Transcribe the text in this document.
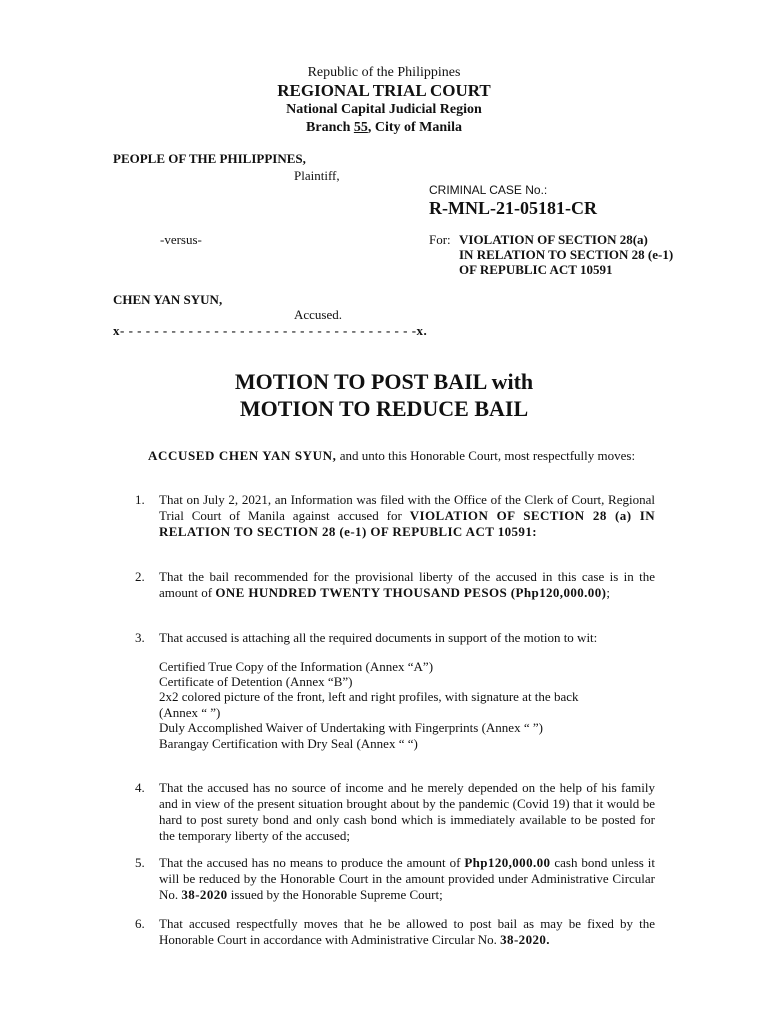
Republic of the Philippines
REGIONAL TRIAL COURT
National Capital Judicial Region
Branch 55, City of Manila
PEOPLE OF THE PHILIPPINES,
Plaintiff,
CRIMINAL CASE No.:
R-MNL-21-05181-CR
-versus-	For: VIOLATION OF SECTION 28(a)
IN RELATION TO SECTION 28 (e-1)
OF REPUBLIC ACT 10591
CHEN YAN SYUN,
Accused.
x- - - - - - - - - - - - - - - - - - - - - - - - - - - - - - - - - - -x.
MOTION TO POST BAIL with
MOTION TO REDUCE BAIL
ACCUSED CHEN YAN SYUN, and unto this Honorable Court, most respectfully moves:
1.	That on July 2, 2021, an Information was filed with the Office of the Clerk of Court, Regional Trial Court of Manila against accused for VIOLATION OF SECTION 28 (a) IN RELATION TO SECTION 28 (e-1) OF REPUBLIC ACT 10591:
2.	That the bail recommended for the provisional liberty of the accused in this case is in the amount of ONE HUNDRED TWENTY THOUSAND PESOS (Php120,000.00);
3.	That accused is attaching all the required documents in support of the motion to wit:
Certified True Copy of the Information (Annex “A”)
Certificate of Detention (Annex “B”)
2x2 colored picture of the front, left and right profiles, with signature at the back
(Annex “ ”)
Duly Accomplished Waiver of Undertaking with Fingerprints (Annex “ ”)
Barangay Certification with Dry Seal (Annex “ “)
4.	That the accused has no source of income and he merely depended on the help of his family and in view of the present situation brought about by the pandemic (Covid 19) that it would be hard to post surety bond and only cash bond which is immediately available to be posted for the temporary liberty of the accused;
5.	That the accused has no means to produce the amount of Php120,000.00 cash bond unless it will be reduced by the Honorable Court in the amount provided under Administrative Circular No. 38-2020 issued by the Honorable Supreme Court;
6.	That accused respectfully moves that he be allowed to post bail as may be fixed by the Honorable Court in accordance with Administrative Circular No. 38-2020.
